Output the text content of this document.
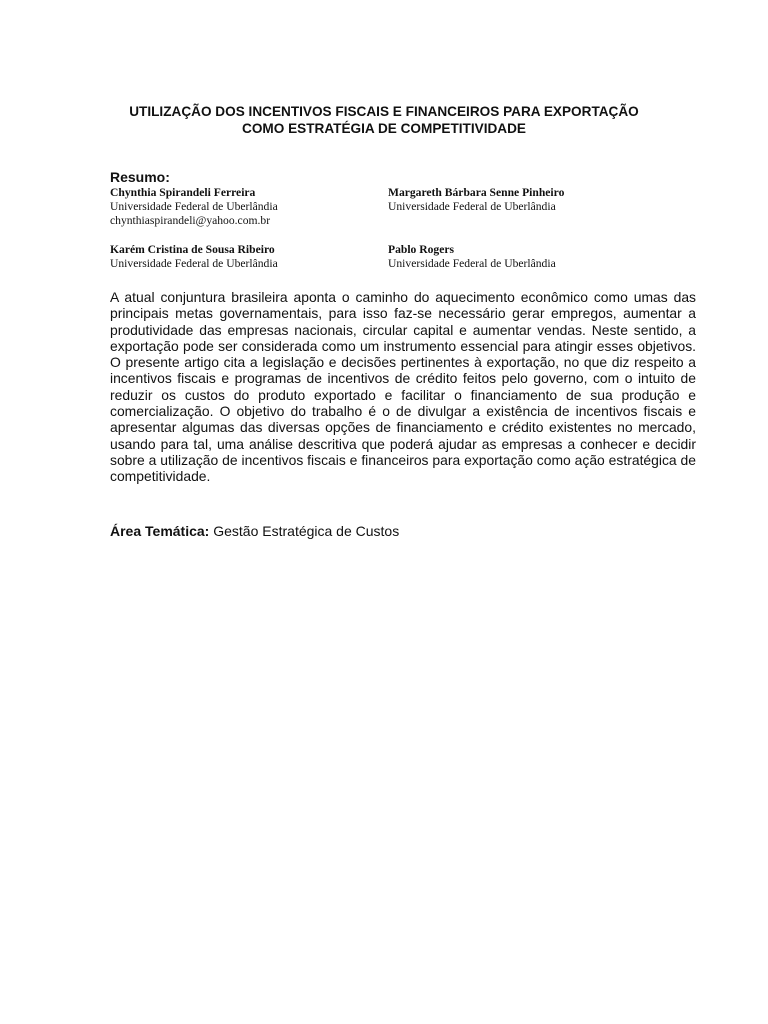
UTILIZAÇÃO DOS INCENTIVOS FISCAIS E FINANCEIROS PARA EXPORTAÇÃO
COMO ESTRATÉGIA DE COMPETITIVIDADE
Resumo:
Chynthia Spirandeli Ferreira
Universidade Federal de Uberlândia
chynthiaspirandeli@yahoo.com.br
Margareth Bárbara Senne Pinheiro
Universidade Federal de Uberlândia
Karém Cristina de Sousa Ribeiro
Universidade Federal de Uberlândia
Pablo Rogers
Universidade Federal de Uberlândia

A atual conjuntura brasileira aponta o caminho do aquecimento econômico como umas das principais metas governamentais, para isso faz-se necessário gerar empregos, aumentar a produtividade das empresas nacionais, circular capital e aumentar vendas. Neste sentido, a exportação pode ser considerada como um instrumento essencial para atingir esses objetivos. O presente artigo cita a legislação e decisões pertinentes à exportação, no que diz respeito a incentivos fiscais e programas de incentivos de crédito feitos pelo governo, com o intuito de reduzir os custos do produto exportado e facilitar o financiamento de sua produção e comercialização. O objetivo do trabalho é o de divulgar a existência de incentivos fiscais e apresentar algumas das diversas opções de financiamento e crédito existentes no mercado, usando para tal, uma análise descritiva que poderá ajudar as empresas a conhecer e decidir sobre a utilização de incentivos fiscais e financeiros para exportação como ação estratégica de competitividade.

Área Temática: Gestão Estratégica de Custos
